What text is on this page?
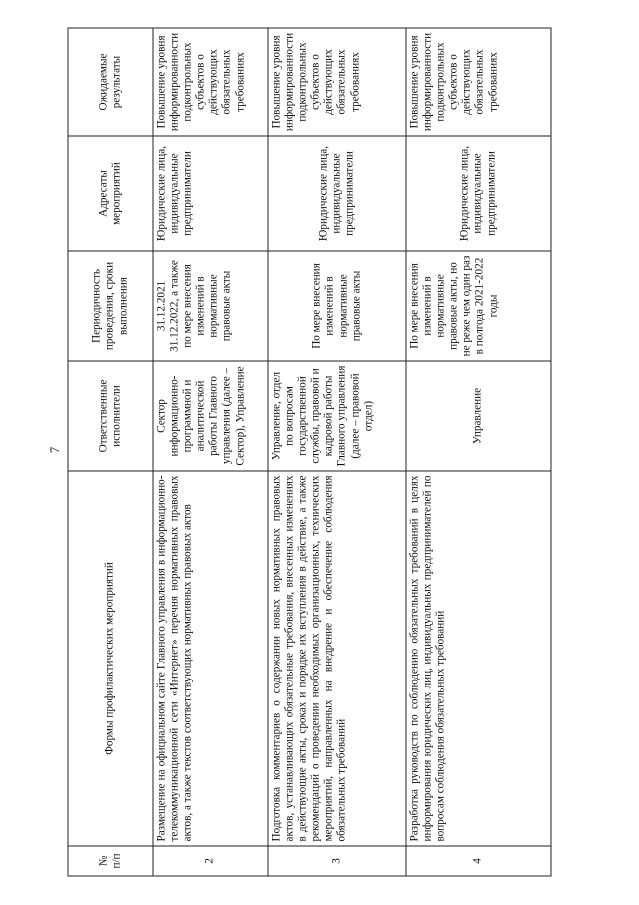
7
№ п/п	Формы профилактических мероприятий	Ответственные исполнители	Периодичность проведения, сроки выполнения	Адресаты мероприятий	Ожидаемые результаты
2	Размещение на официальном сайте Главного управления в информационно-телекоммуникационной сети «Интернет» перечня нормативных правовых актов, а также текстов соответствующих нормативных правовых актов	Сектор информационно-программной и аналитической работы Главного управления (далее – Сектор), Управление	31.12.2021 31.12.2022, а также по мере внесения изменений в нормативные правовые акты	Юридические лица, индивидуальные предприниматели	Повышение уровня информированности подконтрольных субъектов о действующих обязательных требованиях
3	Подготовка комментариев о содержании новых нормативных правовых актов, устанавливающих обязательные требования, внесенных изменениях в действующие акты, сроках и порядке их вступления в действие, а также рекомендаций о проведении необходимых организационных, технических мероприятий, направленных на внедрение и обеспечение соблюдения обязательных требований	Управление, отдел по вопросам государственной службы, правовой и кадровой работы Главного управления (далее – правовой отдел)	По мере внесения изменений в нормативные правовые акты	Юридические лица, индивидуальные предприниматели	Повышение уровня информированности подконтрольных субъектов о действующих обязательных требованиях
4	Разработка руководств по соблюдению обязательных требований в целях информирования юридических лиц, индивидуальных предпринимателей по вопросам соблюдения обязательных требований	Управление	По мере внесения изменений в нормативные правовые акты, но не реже чем один раз в полгода 2021-2022 годы	Юридические лица, индивидуальные предприниматели	Повышение уровня информированности подконтрольных субъектов о действующих обязательных требованиях
